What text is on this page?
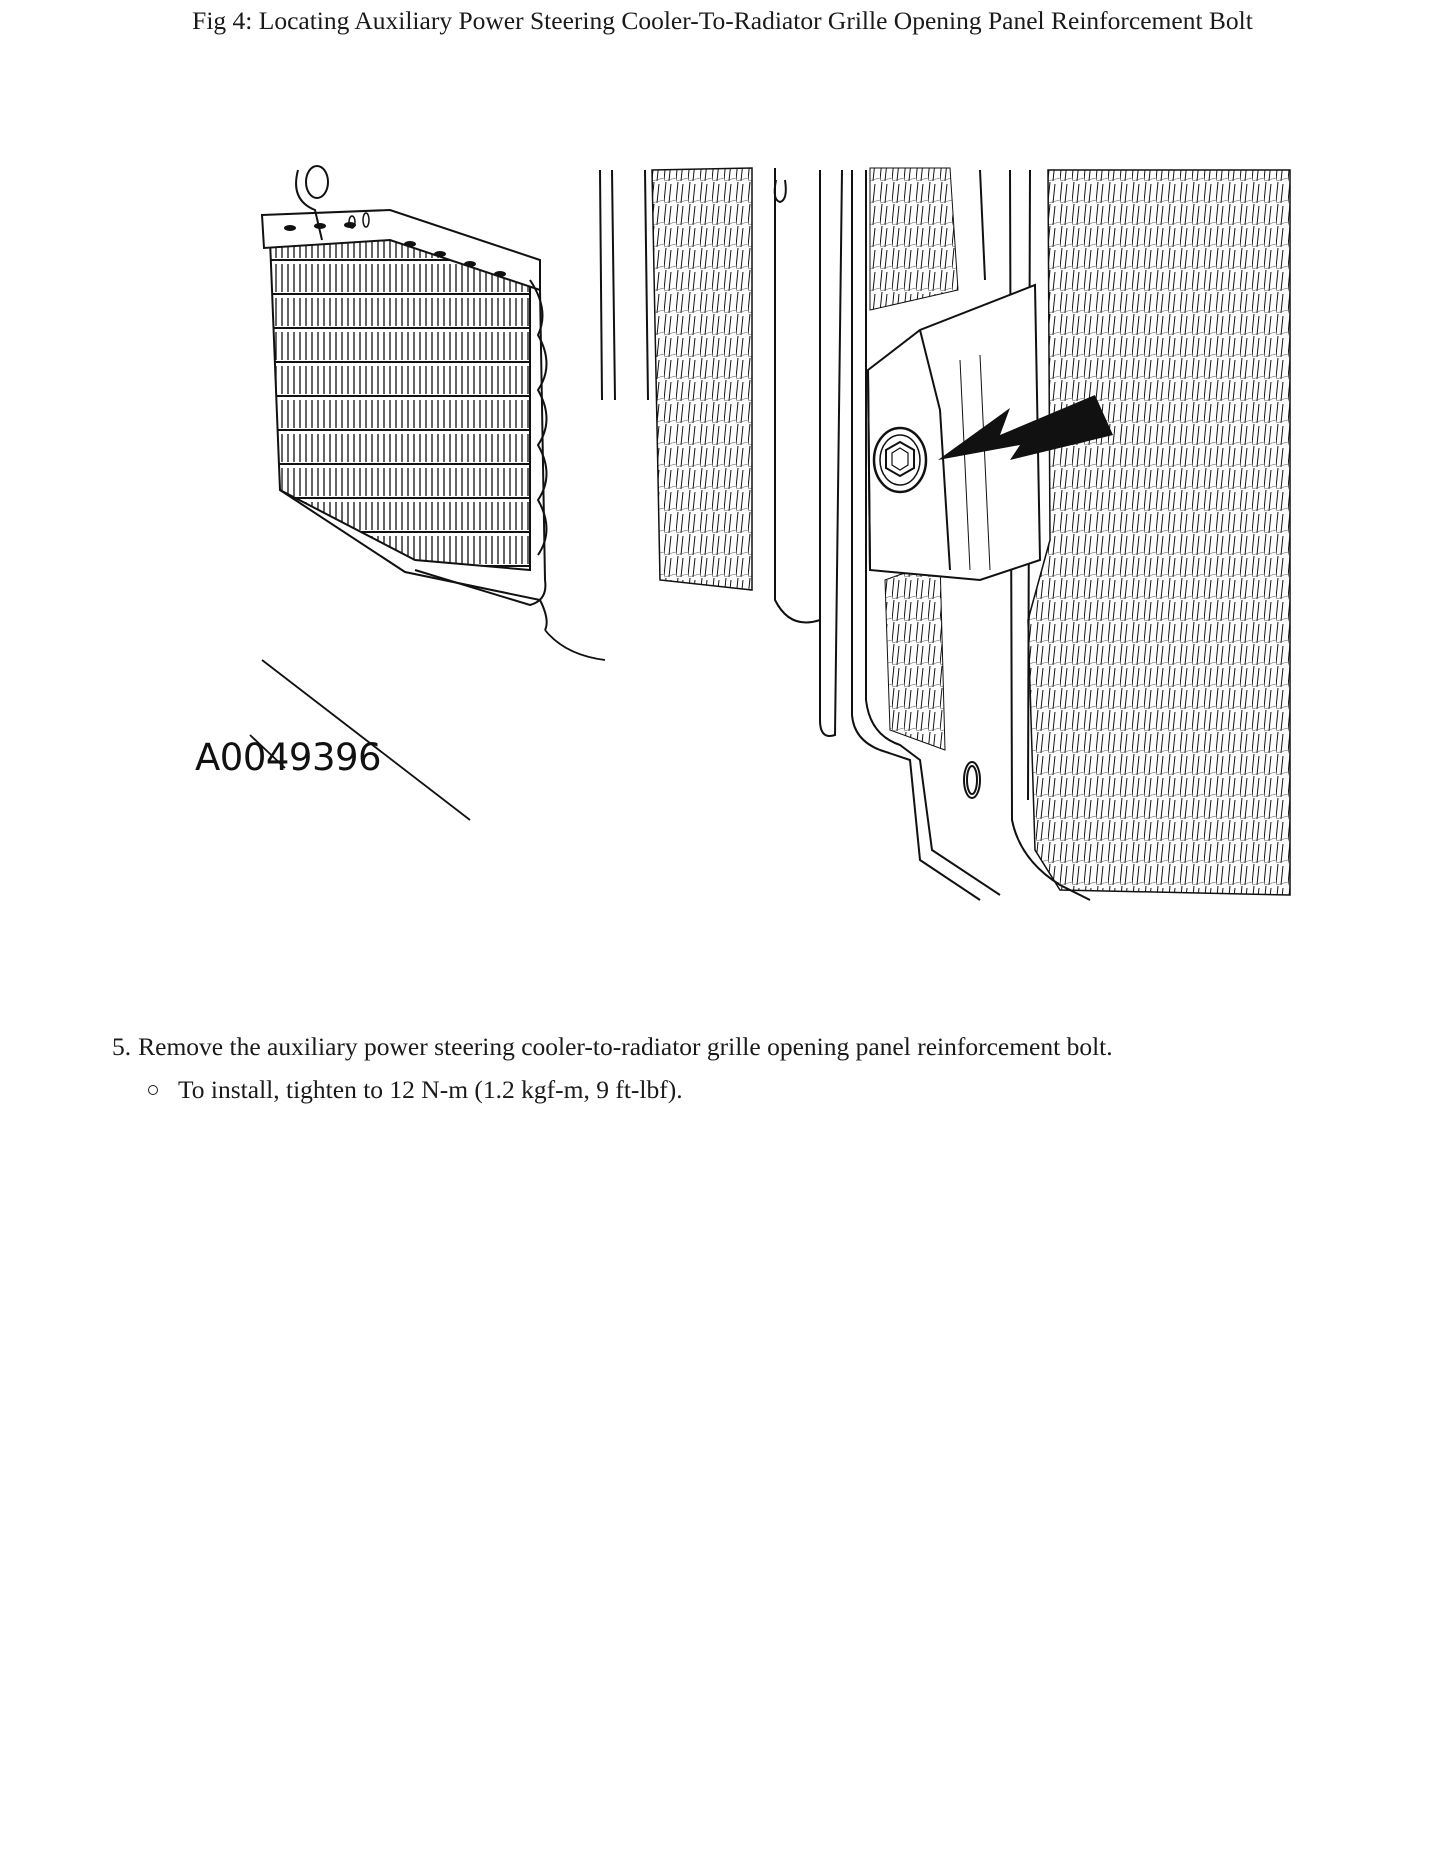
Fig 4: Locating Auxiliary Power Steering Cooler-To-Radiator Grille Opening Panel Reinforcement Bolt
A0049396
5. Remove the auxiliary power steering cooler-to-radiator grille opening panel reinforcement bolt.
To install, tighten to 12 N-m (1.2 kgf-m, 9 ft-lbf).
